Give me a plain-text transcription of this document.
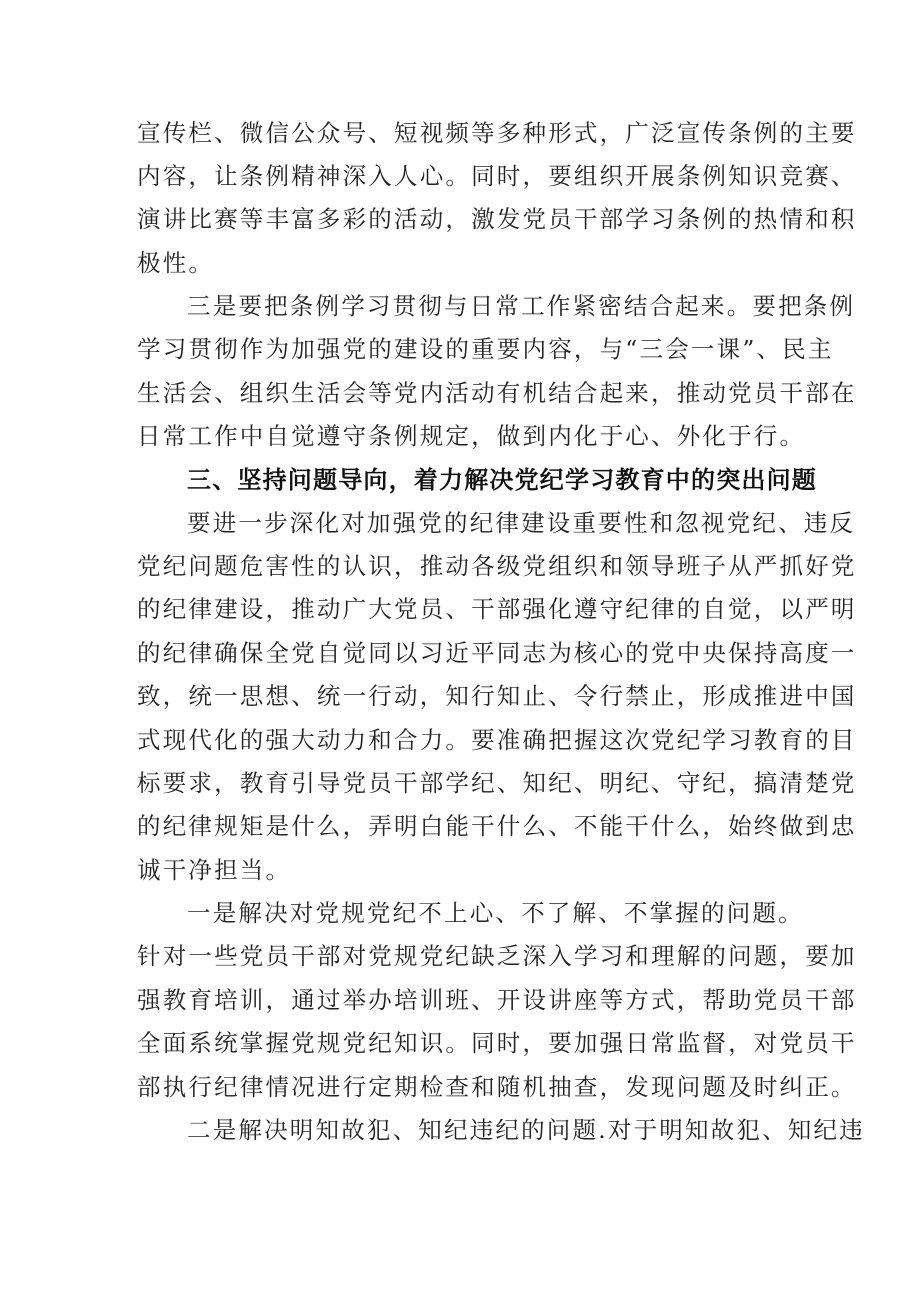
宣传栏、微信公众号、短视频等多种形式，广泛宣传条例的主要
内容，让条例精神深入人心。同时，要组织开展条例知识竞赛、
演讲比赛等丰富多彩的活动，激发党员干部学习条例的热情和积
极性。
三是要把条例学习贯彻与日常工作紧密结合起来。要把条例
学习贯彻作为加强党的建设的重要内容，与“三会一课”、民主
生活会、组织生活会等党内活动有机结合起来，推动党员干部在
日常工作中自觉遵守条例规定，做到内化于心、外化于行。
三、坚持问题导向，着力解决党纪学习教育中的突出问题
要进一步深化对加强党的纪律建设重要性和忽视党纪、违反
党纪问题危害性的认识，推动各级党组织和领导班子从严抓好党
的纪律建设，推动广大党员、干部强化遵守纪律的自觉，以严明
的纪律确保全党自觉同以习近平同志为核心的党中央保持高度一
致，统一思想、统一行动，知行知止、令行禁止，形成推进中国
式现代化的强大动力和合力。要准确把握这次党纪学习教育的目
标要求，教育引导党员干部学纪、知纪、明纪、守纪，搞清楚党
的纪律规矩是什么，弄明白能干什么、不能干什么，始终做到忠
诚干净担当。
一是解决对党规党纪不上心、不了解、不掌握的问题。
针对一些党员干部对党规党纪缺乏深入学习和理解的问题，要加
强教育培训，通过举办培训班、开设讲座等方式，帮助党员干部
全面系统掌握党规党纪知识。同时，要加强日常监督，对党员干
部执行纪律情况进行定期检查和随机抽查，发现问题及时纠正。
二是解决明知故犯、知纪违纪的问题.对于明知故犯、知纪违
